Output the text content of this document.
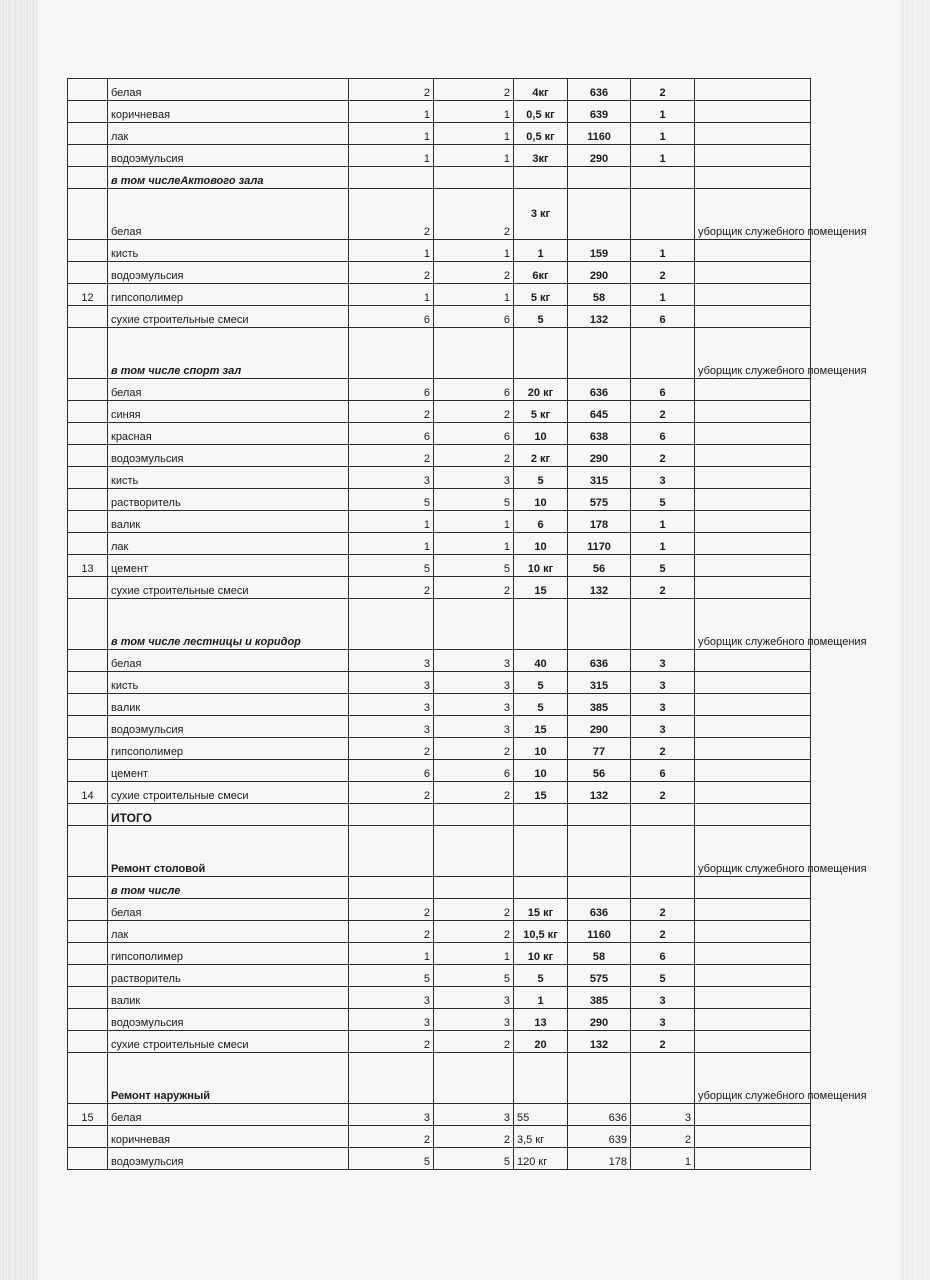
	белая	2	2	4кг	636	2	
	коричневая	1	1	0,5 кг	639	1	
	лак	1	1	0,5 кг	1160	1	
	водоэмульсия	1	1	3кг	290	1	
	в том числеАктового зала						
	белая	2	2	3 кг			уборщик служебного помещения
	кисть	1	1	1	159	1	
	водоэмульсия	2	2	6кг	290	2	
12	гипсополимер	1	1	5 кг	58	1	
	сухие строительные смеси	6	6	5	132	6	
	в том числе спорт зал						уборщик служебного помещения
	белая	6	6	20 кг	636	6	
	синяя	2	2	5 кг	645	2	
	красная	6	6	10	638	6	
	водоэмульсия	2	2	2 кг	290	2	
	кисть	3	3	5	315	3	
	растворитель	5	5	10	575	5	
	валик	1	1	6	178	1	
	лак	1	1	10	1170	1	
13	цемент	5	5	10 кг	56	5	
	сухие строительные смеси	2	2	15	132	2	
	в том числе лестницы и коридор						уборщик служебного помещения
	белая	3	3	40	636	3	
	кисть	3	3	5	315	3	
	валик	3	3	5	385	3	
	водоэмульсия	3	3	15	290	3	
	гипсополимер	2	2	10	77	2	
	цемент	6	6	10	56	6	
14	сухие строительные смеси	2	2	15	132	2	
	ИТОГО						
	Ремонт столовой						уборщик служебного помещения
	в том числе						
	белая	2	2	15 кг	636	2	
	лак	2	2	10,5 кг	1160	2	
	гипсополимер	1	1	10 кг	58	6	
	растворитель	5	5	5	575	5	
	валик	3	3	1	385	3	
	водоэмульсия	3	3	13	290	3	
	сухие строительные смеси	2	2	20	132	2	
	Ремонт наружный						уборщик служебного помещения
15	белая	3	3	55	636	3	
	коричневая	2	2	3,5 кг	639	2	
	водоэмульсия	5	5	120 кг	178	1	
